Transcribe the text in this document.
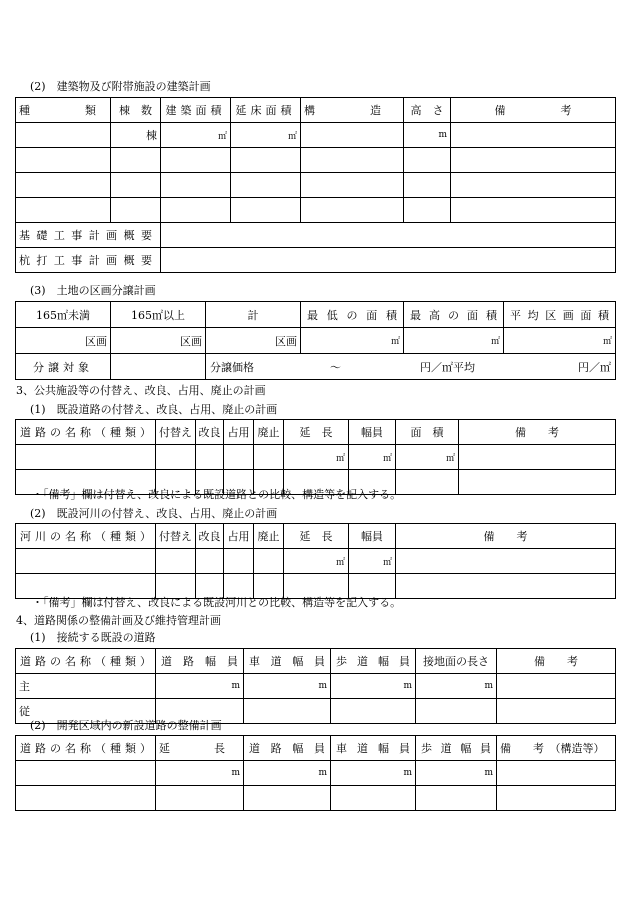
(2)　建築物及び附帯施設の建築計画
種　　　　　類	棟　数	建築面積	延床面積	構　　　　　造	高　さ	備　　　　　考
	棟	㎡	㎡		m	

基礎工事計画概要						
杭打工事計画概要						
(3)　土地の区画分譲計画
165㎡未満	165㎡以上	計	最低の面積	最高の面積	平均区画面積
区画	区画	区画	㎡	㎡	㎡
分譲対象		分譲価格 ～ 円／㎡平均 円／㎡			
3、公共施設等の付替え、改良、占用、廃止の計画
(1)　既設道路の付替え、改良、占用、廃止の計画
道路の名称（種類）	付替え	改良	占用	廃止	延　長	幅員	面　積	備　　考
					㎡	㎡	㎡	

・「備考」欄は付替え、改良による既設道路との比較、構造等を記入する。
(2)　既設河川の付替え、改良、占用、廃止の計画
河川の名称（種類）	付替え	改良	占用	廃止	延　長	幅員	備　　考
					㎡	㎡	

・「備考」欄は付替え、改良による既設河川との比較、構造等を記入する。
4、道路関係の整備計画及び維持管理計画
(1)　接続する既設の道路
道路の名称（種類）	道路幅員	車道幅員	歩道幅員	接地面の長さ	備　　考
主	m	m	m	m	
従					
(2)　開発区域内の新設道路の整備計画
道路の名称（種類）	延　　　　長	道路幅員	車道幅員	歩道幅員	備　　考　（構造等）
	m	m	m	m	
